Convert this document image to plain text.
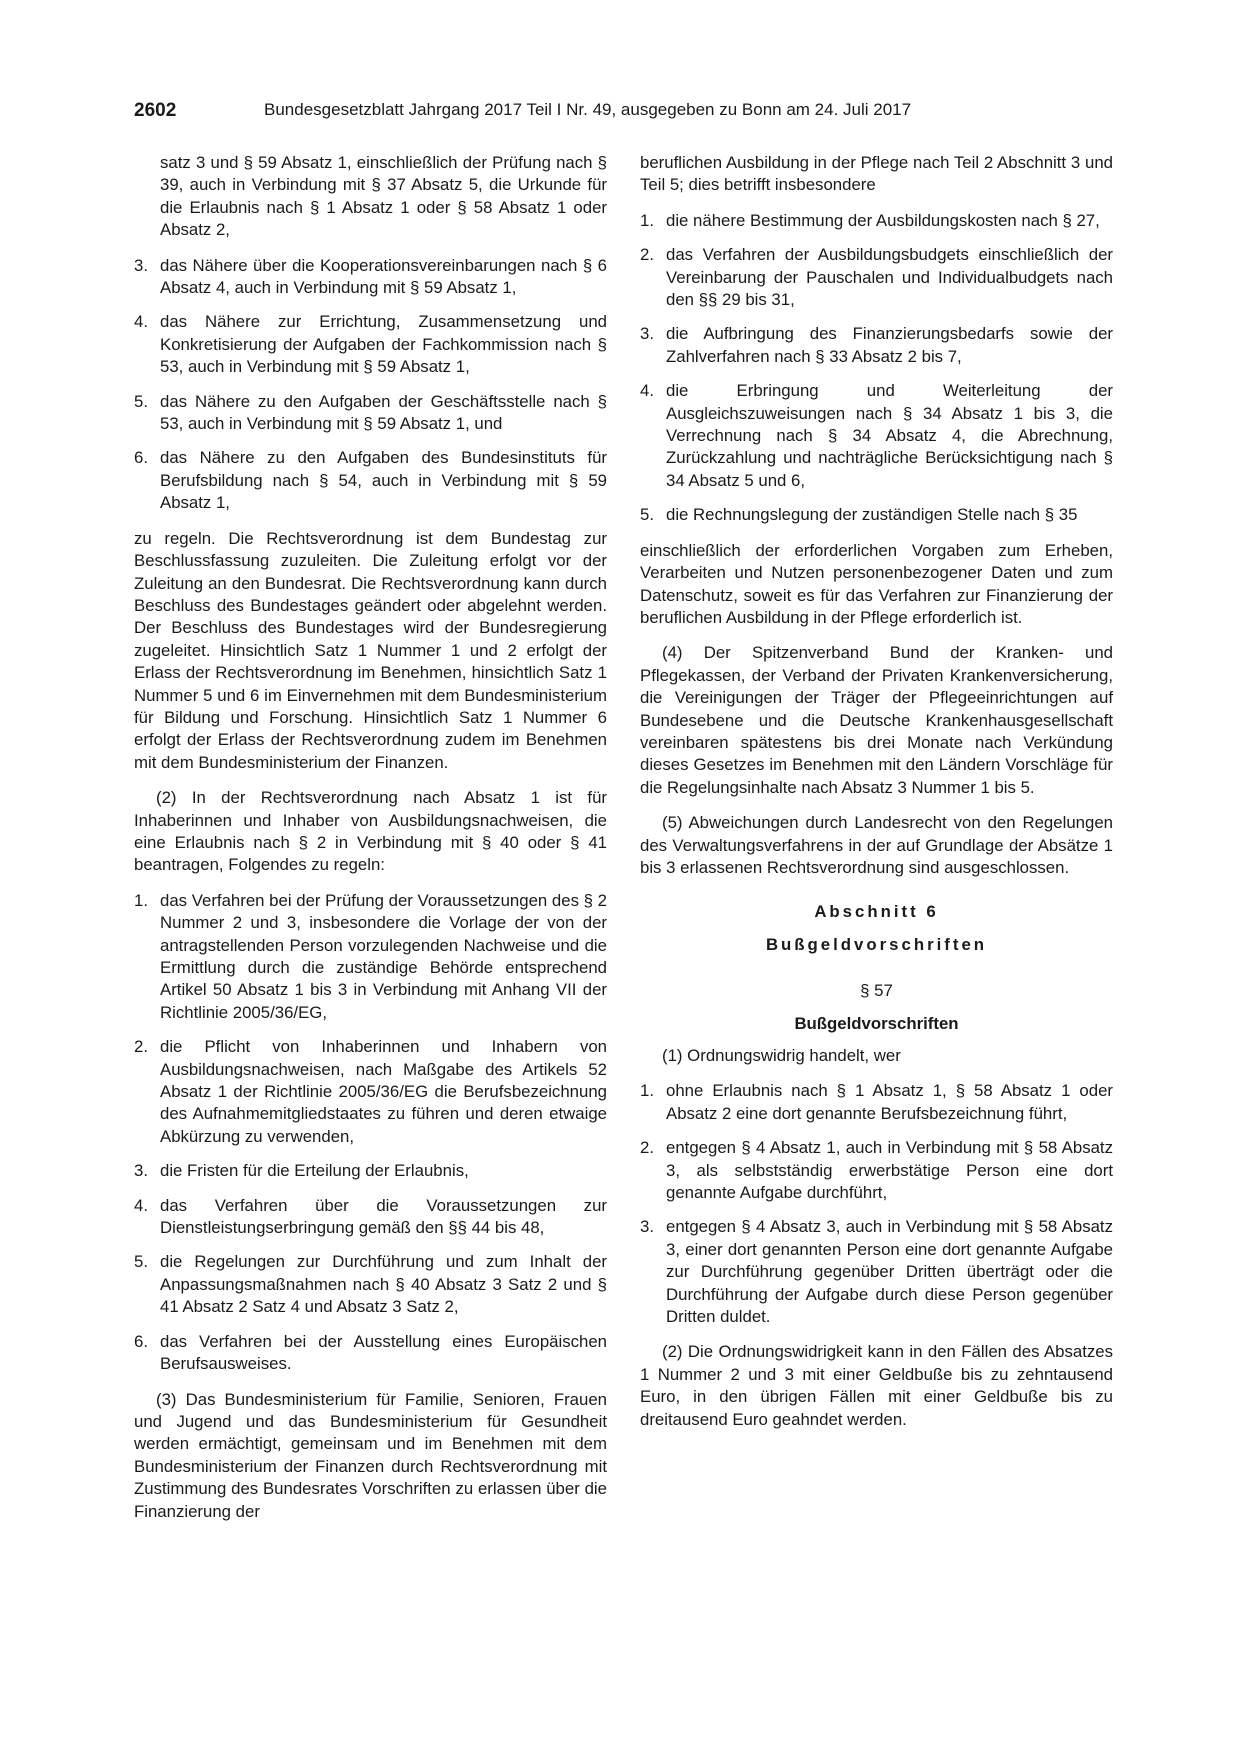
2602	Bundesgesetzblatt Jahrgang 2017 Teil I Nr. 49, ausgegeben zu Bonn am 24. Juli 2017

satz 3 und § 59 Absatz 1, einschließlich der Prüfung nach § 39, auch in Verbindung mit § 37 Absatz 5, die Urkunde für die Erlaubnis nach § 1 Absatz 1 oder § 58 Absatz 1 oder Absatz 2,

3. das Nähere über die Kooperationsvereinbarungen nach § 6 Absatz 4, auch in Verbindung mit § 59 Absatz 1,
4. das Nähere zur Errichtung, Zusammensetzung und Konkretisierung der Aufgaben der Fachkommission nach § 53, auch in Verbindung mit § 59 Absatz 1,
5. das Nähere zu den Aufgaben der Geschäftsstelle nach § 53, auch in Verbindung mit § 59 Absatz 1, und
6. das Nähere zu den Aufgaben des Bundesinstituts für Berufsbildung nach § 54, auch in Verbindung mit § 59 Absatz 1,

zu regeln. Die Rechtsverordnung ist dem Bundestag zur Beschlussfassung zuzuleiten. Die Zuleitung erfolgt vor der Zuleitung an den Bundesrat. Die Rechtsverordnung kann durch Beschluss des Bundestages geändert oder abgelehnt werden. Der Beschluss des Bundestages wird der Bundesregierung zugeleitet. Hinsichtlich Satz 1 Nummer 1 und 2 erfolgt der Erlass der Rechtsverordnung im Benehmen, hinsichtlich Satz 1 Nummer 5 und 6 im Einvernehmen mit dem Bundesministerium für Bildung und Forschung. Hinsichtlich Satz 1 Nummer 6 erfolgt der Erlass der Rechtsverordnung zudem im Benehmen mit dem Bundesministerium der Finanzen.

(2) In der Rechtsverordnung nach Absatz 1 ist für Inhaberinnen und Inhaber von Ausbildungsnachweisen, die eine Erlaubnis nach § 2 in Verbindung mit § 40 oder § 41 beantragen, Folgendes zu regeln:

1. das Verfahren bei der Prüfung der Voraussetzungen des § 2 Nummer 2 und 3, insbesondere die Vorlage der von der antragstellenden Person vorzulegenden Nachweise und die Ermittlung durch die zuständige Behörde entsprechend Artikel 50 Absatz 1 bis 3 in Verbindung mit Anhang VII der Richtlinie 2005/36/EG,
2. die Pflicht von Inhaberinnen und Inhabern von Ausbildungsnachweisen, nach Maßgabe des Artikels 52 Absatz 1 der Richtlinie 2005/36/EG die Berufsbezeichnung des Aufnahmemitgliedstaates zu führen und deren etwaige Abkürzung zu verwenden,
3. die Fristen für die Erteilung der Erlaubnis,
4. das Verfahren über die Voraussetzungen zur Dienstleistungserbringung gemäß den §§ 44 bis 48,
5. die Regelungen zur Durchführung und zum Inhalt der Anpassungsmaßnahmen nach § 40 Absatz 3 Satz 2 und § 41 Absatz 2 Satz 4 und Absatz 3 Satz 2,
6. das Verfahren bei der Ausstellung eines Europäischen Berufsausweises.

(3) Das Bundesministerium für Familie, Senioren, Frauen und Jugend und das Bundesministerium für Gesundheit werden ermächtigt, gemeinsam und im Benehmen mit dem Bundesministerium der Finanzen durch Rechtsverordnung mit Zustimmung des Bundesrates Vorschriften zu erlassen über die Finanzierung der

beruflichen Ausbildung in der Pflege nach Teil 2 Abschnitt 3 und Teil 5; dies betrifft insbesondere

1. die nähere Bestimmung der Ausbildungskosten nach § 27,
2. das Verfahren der Ausbildungsbudgets einschließlich der Vereinbarung der Pauschalen und Individualbudgets nach den §§ 29 bis 31,
3. die Aufbringung des Finanzierungsbedarfs sowie der Zahlverfahren nach § 33 Absatz 2 bis 7,
4. die Erbringung und Weiterleitung der Ausgleichszuweisungen nach § 34 Absatz 1 bis 3, die Verrechnung nach § 34 Absatz 4, die Abrechnung, Zurückzahlung und nachträgliche Berücksichtigung nach § 34 Absatz 5 und 6,
5. die Rechnungslegung der zuständigen Stelle nach § 35

einschließlich der erforderlichen Vorgaben zum Erheben, Verarbeiten und Nutzen personenbezogener Daten und zum Datenschutz, soweit es für das Verfahren zur Finanzierung der beruflichen Ausbildung in der Pflege erforderlich ist.

(4) Der Spitzenverband Bund der Kranken- und Pflegekassen, der Verband der Privaten Krankenversicherung, die Vereinigungen der Träger der Pflegeeinrichtungen auf Bundesebene und die Deutsche Krankenhausgesellschaft vereinbaren spätestens bis drei Monate nach Verkündung dieses Gesetzes im Benehmen mit den Ländern Vorschläge für die Regelungsinhalte nach Absatz 3 Nummer 1 bis 5.

(5) Abweichungen durch Landesrecht von den Regelungen des Verwaltungsverfahrens in der auf Grundlage der Absätze 1 bis 3 erlassenen Rechtsverordnung sind ausgeschlossen.

Abschnitt 6
Bußgeldvorschriften
§ 57
Bußgeldvorschriften

(1) Ordnungswidrig handelt, wer

1. ohne Erlaubnis nach § 1 Absatz 1, § 58 Absatz 1 oder Absatz 2 eine dort genannte Berufsbezeichnung führt,
2. entgegen § 4 Absatz 1, auch in Verbindung mit § 58 Absatz 3, als selbstständig erwerbstätige Person eine dort genannte Aufgabe durchführt,
3. entgegen § 4 Absatz 3, auch in Verbindung mit § 58 Absatz 3, einer dort genannten Person eine dort genannte Aufgabe zur Durchführung gegenüber Dritten überträgt oder die Durchführung der Aufgabe durch diese Person gegenüber Dritten duldet.

(2) Die Ordnungswidrigkeit kann in den Fällen des Absatzes 1 Nummer 2 und 3 mit einer Geldbuße bis zu zehntausend Euro, in den übrigen Fällen mit einer Geldbuße bis zu dreitausend Euro geahndet werden.
